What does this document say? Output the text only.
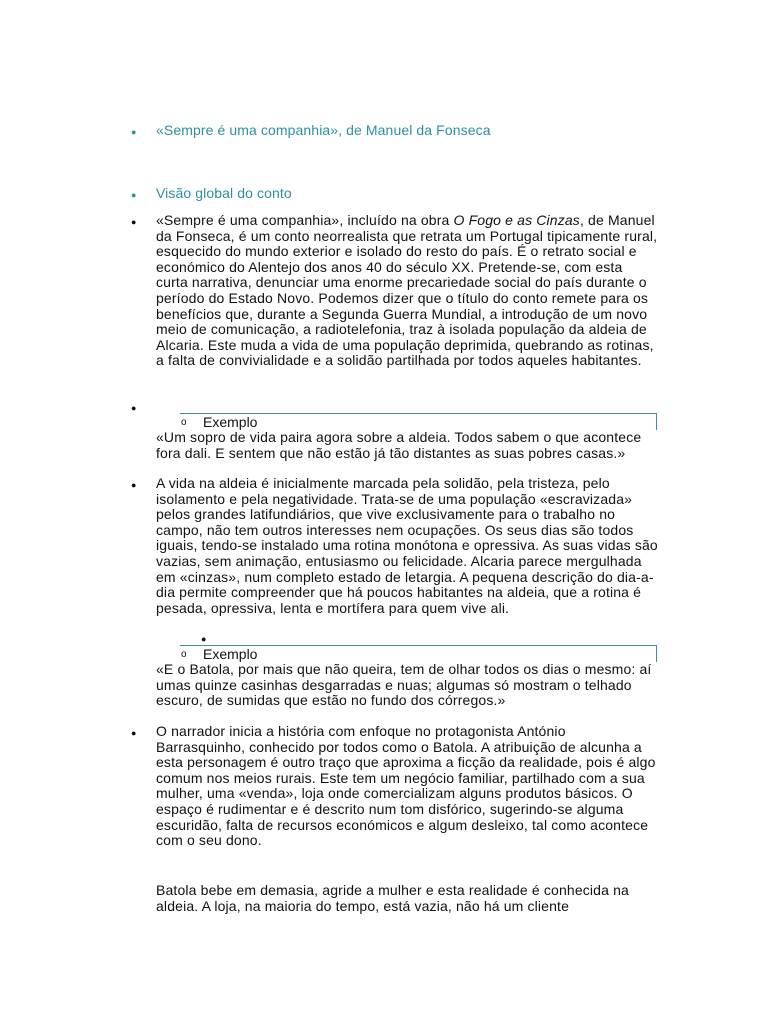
● «Sempre é uma companhia», de Manuel da Fonseca
● Visão global do conto
● «Sempre é uma companhia», incluído na obra O Fogo e as Cinzas, de Manuel da Fonseca, é um conto neorrealista que retrata um Portugal tipicamente rural, esquecido do mundo exterior e isolado do resto do país. É o retrato social e económico do Alentejo dos anos 40 do século XX. Pretende-se, com esta curta narrativa, denunciar uma enorme precariedade social do país durante o período do Estado Novo. Podemos dizer que o título do conto remete para os benefícios que, durante a Segunda Guerra Mundial, a introdução de um novo meio de comunicação, a radiotelefonia, traz à isolada população da aldeia de Alcaria. Este muda a vida de uma população deprimida, quebrando as rotinas, a falta de convivialidade e a solidão partilhada por todos aqueles habitantes.

●
o Exemplo
«Um sopro de vida paira agora sobre a aldeia. Todos sabem o que acontece fora dali. E sentem que não estão já tão distantes as suas pobres casas.»
● A vida na aldeia é inicialmente marcada pela solidão, pela tristeza, pelo isolamento e pela negatividade. Trata-se de uma população «escravizada» pelos grandes latifundiários, que vive exclusivamente para o trabalho no campo, não tem outros interesses nem ocupações. Os seus dias são todos iguais, tendo-se instalado uma rotina monótona e opressiva. As suas vidas são vazias, sem animação, entusiasmo ou felicidade. Alcaria parece mergulhada em «cinzas», num completo estado de letargia. A pequena descrição do dia-a-dia permite compreender que há poucos habitantes na aldeia, que a rotina é pesada, opressiva, lenta e mortífera para quem vive ali.
●
o Exemplo
«E o Batola, por mais que não queira, tem de olhar todos os dias o mesmo: aí umas quinze casinhas desgarradas e nuas; algumas só mostram o telhado escuro, de sumidas que estão no fundo dos córregos.»
● O narrador inicia a história com enfoque no protagonista António Barrasquinho, conhecido por todos como o Batola. A atribuição de alcunha a esta personagem é outro traço que aproxima a ficção da realidade, pois é algo comum nos meios rurais. Este tem um negócio familiar, partilhado com a sua mulher, uma «venda», loja onde comercializam alguns produtos básicos. O espaço é rudimentar e é descrito num tom disfórico, sugerindo-se alguma escuridão, falta de recursos económicos e algum desleixo, tal como acontece com o seu dono.
Batola bebe em demasia, agride a mulher e esta realidade é conhecida na aldeia. A loja, na maioria do tempo, está vazia, não há um cliente
